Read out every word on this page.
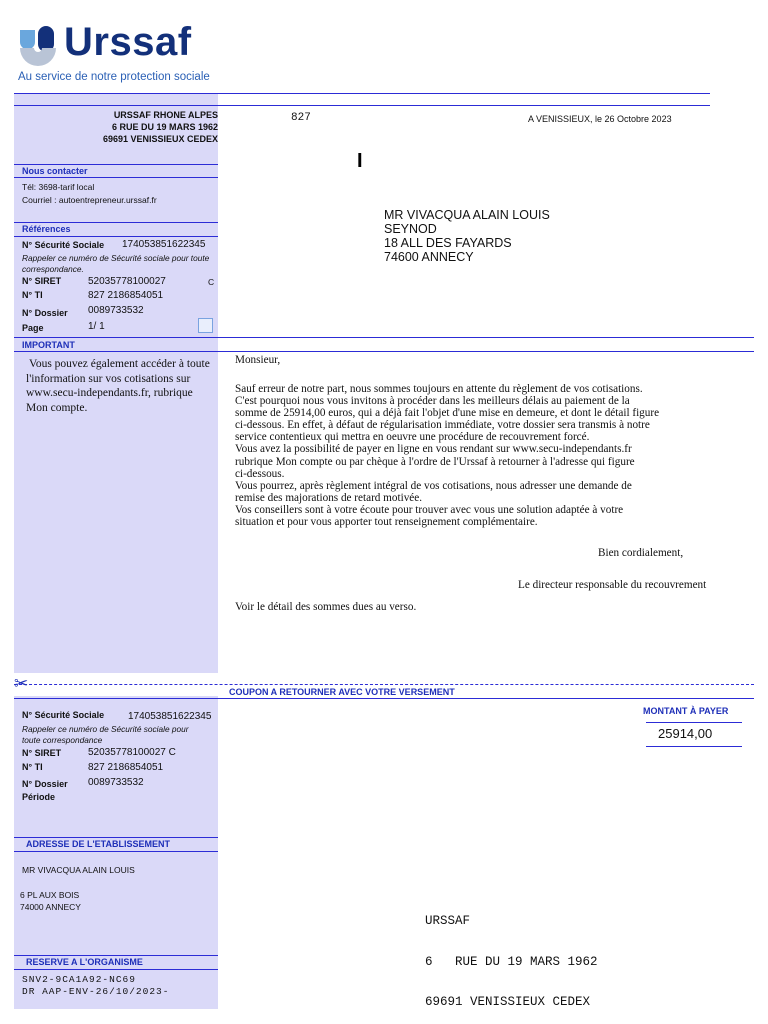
Urssaf
Au service de notre protection sociale
URSSAF RHONE ALPES
6 RUE DU 19 MARS 1962
69691 VENISSIEUX CEDEX
827	A VENISSIEUX, le 26 Octobre 2023
I
MR VIVACQUA ALAIN LOUIS
SEYNOD
18 ALL DES FAYARDS
74600 ANNECY
Nous contacter
Tél: 3698-tarif local
Courriel : autoentrepreneur.urssaf.fr
Références
N° Sécurité Sociale 174053851622345
Rappeler ce numéro de Sécurité sociale pour toute correspondance.
N° SIRET	52035778100027	C
N° TI	827 2186854051
N° Dossier 0089733532
Page	1/ 1
IMPORTANT
Vous pouvez également accéder à toute l'information sur vos cotisations sur www.secu-independants.fr, rubrique Mon compte.
Monsieur,

Sauf erreur de notre part, nous sommes toujours en attente du règlement de vos cotisations.

C'est pourquoi nous vous invitons à procéder dans les meilleurs délais au paiement de la

somme de 25914,00 euros, qui a déjà fait l'objet d'une mise en demeure, et dont le détail figure

ci-dessous. En effet, à défaut de régularisation immédiate, votre dossier sera transmis à notre

service contentieux qui mettra en oeuvre une procédure de recouvrement forcé.

Vous avez la possibilité de payer en ligne en vous rendant sur www.secu-independants.fr

rubrique Mon compte ou par chèque à l'ordre de l'Urssaf à retourner à l'adresse qui figure

ci-dessous.

Vous pourrez, après règlement intégral de vos cotisations, nous adresser une demande de

remise des majorations de retard motivée.

Vos conseillers sont à votre écoute pour trouver avec vous une solution adaptée à votre

situation et pour vous apporter tout renseignement complémentaire.

Bien cordialement,
Le directeur responsable du recouvrement
Voir le détail des sommes dues au verso.
✂	COUPON A RETOURNER AVEC VOTRE VERSEMENT
N° Sécurité Sociale 174053851622345
Rappeler ce numéro de Sécurité sociale pour toute correspondance
N° SIRET	52035778100027 C
N° TI	827 2186854051
N° Dossier 0089733532
Période
MONTANT À PAYER
25914,00
ADRESSE DE L'ETABLISSEMENT
MR VIVACQUA ALAIN LOUIS
6 PL AUX BOIS
74000 ANNECY

URSSAF

6   RUE DU 19 MARS 1962

69691 VENISSIEUX CEDEX

RESERVE A L'ORGANISME
SNV2-9CA1A92-NC69
DR AAP-ENV-26/10/2023-
